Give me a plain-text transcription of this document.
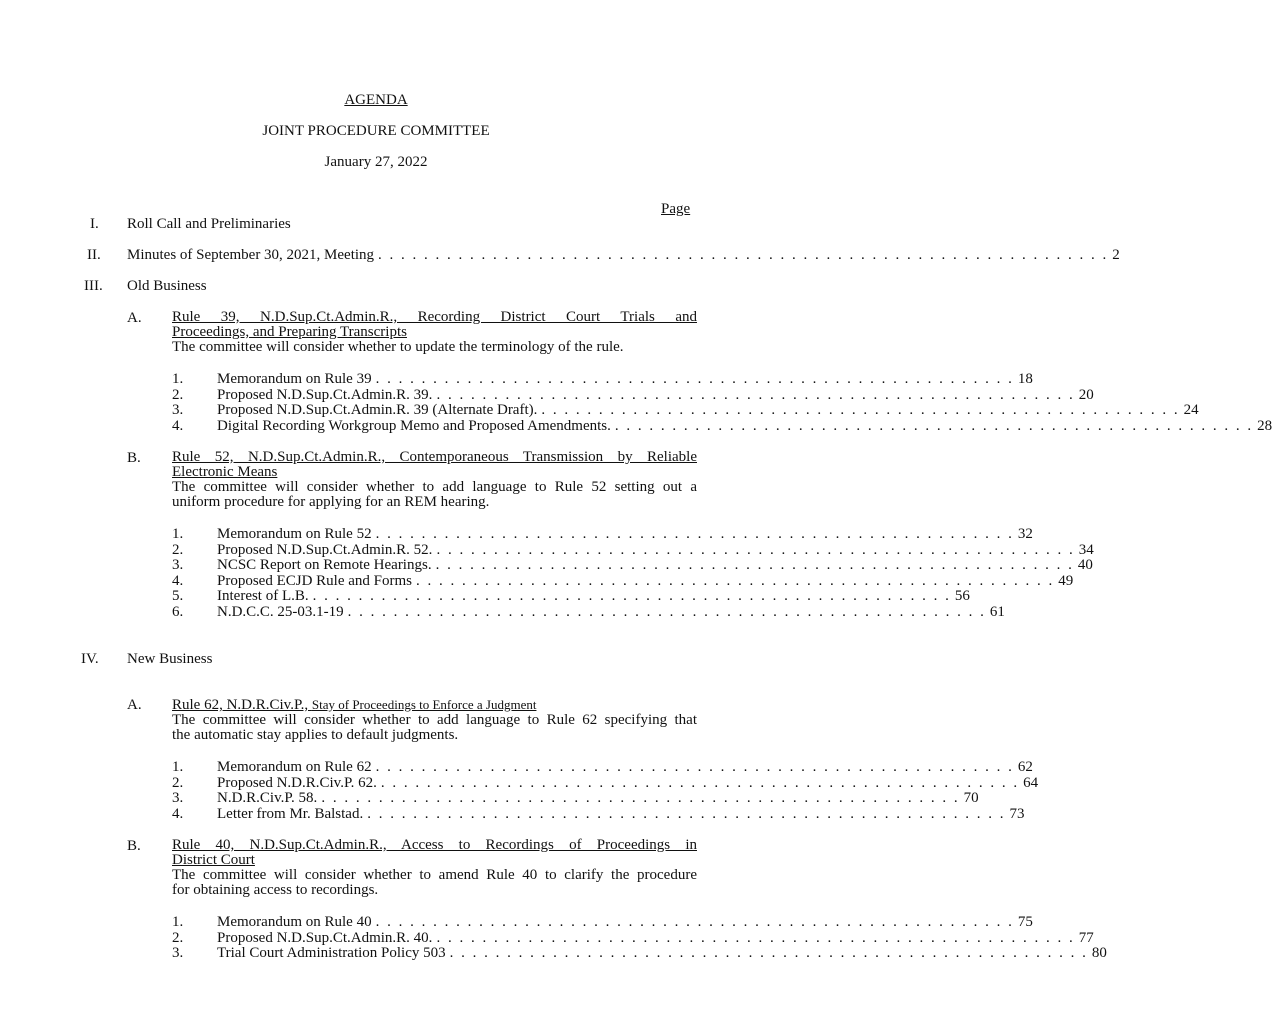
AGENDA
JOINT PROCEDURE COMMITTEE
January 27, 2022
Page
I. Roll Call and Preliminaries
II. Minutes of September 30, 2021, Meeting . . . . . . . . . . . . . . . . . . . . . . . . . . . . . . . . . . . . . . . . . . . . . . . . . . . . . . . . . . . . . . . . 2
III. Old Business
A. Rule 39, N.D.Sup.Ct.Admin.R., Recording District Court Trials and
Proceedings, and Preparing Transcripts
The committee will consider whether to update the terminology of the rule.
1. Memorandum on Rule 39 . . . . . . . . . . . . . . . . . . . . . . . . . . . . . . . . . . . . . . . . . . . . . . . . . . . . . . . . 18
2. Proposed N.D.Sup.Ct.Admin.R. 39. . . . . . . . . . . . . . . . . . . . . . . . . . . . . . . . . . . . . . . . . . . . . . . . . . . . . . . . . 20
3. Proposed N.D.Sup.Ct.Admin.R. 39 (Alternate Draft). . . . . . . . . . . . . . . . . . . . . . . . . . . . . . . . . . . . . . . . . . . . . . . . . . . . . . . . . 24
4. Digital Recording Workgroup Memo and Proposed Amendments. . . . . . . . . . . . . . . . . . . . . . . . . . . . . . . . . . . . . . . . . . . . . . . . . . . . . . . . . 28
B. Rule 52, N.D.Sup.Ct.Admin.R., Contemporaneous Transmission by Reliable
Electronic Means
The committee will consider whether to add language to Rule 52 setting out a
uniform procedure for applying for an REM hearing.
1. Memorandum on Rule 52 . . . . . . . . . . . . . . . . . . . . . . . . . . . . . . . . . . . . . . . . . . . . . . . . . . . . . . . . 32
2. Proposed N.D.Sup.Ct.Admin.R. 52. . . . . . . . . . . . . . . . . . . . . . . . . . . . . . . . . . . . . . . . . . . . . . . . . . . . . . . . . 34
3. NCSC Report on Remote Hearings. . . . . . . . . . . . . . . . . . . . . . . . . . . . . . . . . . . . . . . . . . . . . . . . . . . . . . . . . 40
4. Proposed ECJD Rule and Forms . . . . . . . . . . . . . . . . . . . . . . . . . . . . . . . . . . . . . . . . . . . . . . . . . . . . . . . . 49
5. Interest of L.B. . . . . . . . . . . . . . . . . . . . . . . . . . . . . . . . . . . . . . . . . . . . . . . . . . . . . . . . . 56
6. N.D.C.C. 25-03.1-19 . . . . . . . . . . . . . . . . . . . . . . . . . . . . . . . . . . . . . . . . . . . . . . . . . . . . . . . . 61
IV. New Business
A. Rule 62, N.D.R.Civ.P., Stay of Proceedings to Enforce a Judgment
The committee will consider whether to add language to Rule 62 specifying that
the automatic stay applies to default judgments.
1. Memorandum on Rule 62 . . . . . . . . . . . . . . . . . . . . . . . . . . . . . . . . . . . . . . . . . . . . . . . . . . . . . . . . 62
2. Proposed N.D.R.Civ.P. 62. . . . . . . . . . . . . . . . . . . . . . . . . . . . . . . . . . . . . . . . . . . . . . . . . . . . . . . . . 64
3. N.D.R.Civ.P. 58. . . . . . . . . . . . . . . . . . . . . . . . . . . . . . . . . . . . . . . . . . . . . . . . . . . . . . . . . 70
4. Letter from Mr. Balstad. . . . . . . . . . . . . . . . . . . . . . . . . . . . . . . . . . . . . . . . . . . . . . . . . . . . . . . . . 73
B. Rule 40, N.D.Sup.Ct.Admin.R., Access to Recordings of Proceedings in
District Court
The committee will consider whether to amend Rule 40 to clarify the procedure
for obtaining access to recordings.
1. Memorandum on Rule 40 . . . . . . . . . . . . . . . . . . . . . . . . . . . . . . . . . . . . . . . . . . . . . . . . . . . . . . . . 75
2. Proposed N.D.Sup.Ct.Admin.R. 40. . . . . . . . . . . . . . . . . . . . . . . . . . . . . . . . . . . . . . . . . . . . . . . . . . . . . . . . . 77
3. Trial Court Administration Policy 503 . . . . . . . . . . . . . . . . . . . . . . . . . . . . . . . . . . . . . . . . . . . . . . . . . . . . . . . . 80
